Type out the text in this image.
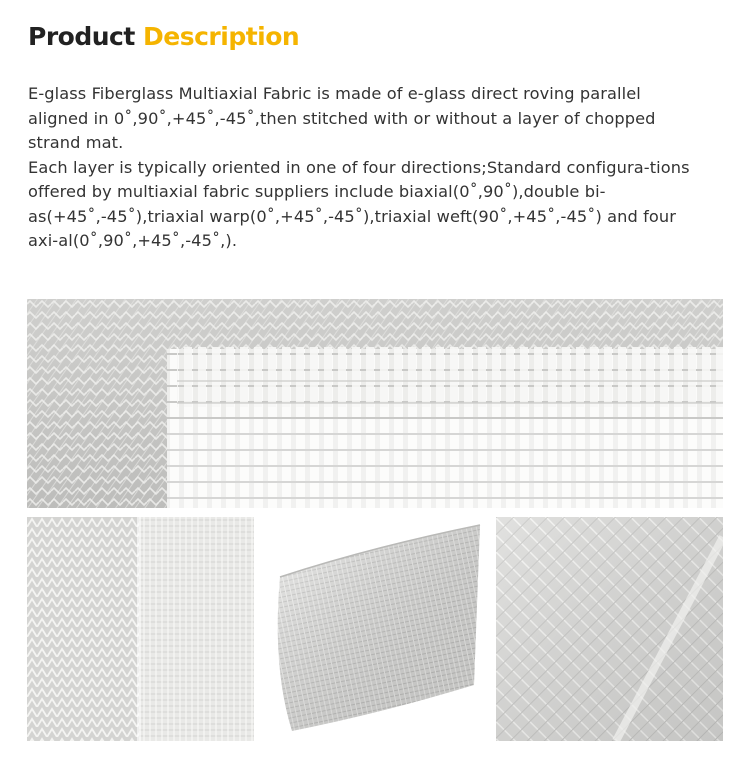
Product Description

E-glass Fiberglass Multiaxial Fabric is made of e-glass direct roving parallel aligned in 0˚,90˚,+45˚,-45˚,then stitched with or without a layer of chopped strand mat.

Each layer is typically oriented in one of four directions;Standard configura-tions offered by multiaxial fabric suppliers include biaxial(0˚,90˚),double bi-as(+45˚,-45˚),triaxial warp(0˚,+45˚,-45˚),triaxial weft(90˚,+45˚,-45˚) and four axi-al(0˚,90˚,+45˚,-45˚,).
